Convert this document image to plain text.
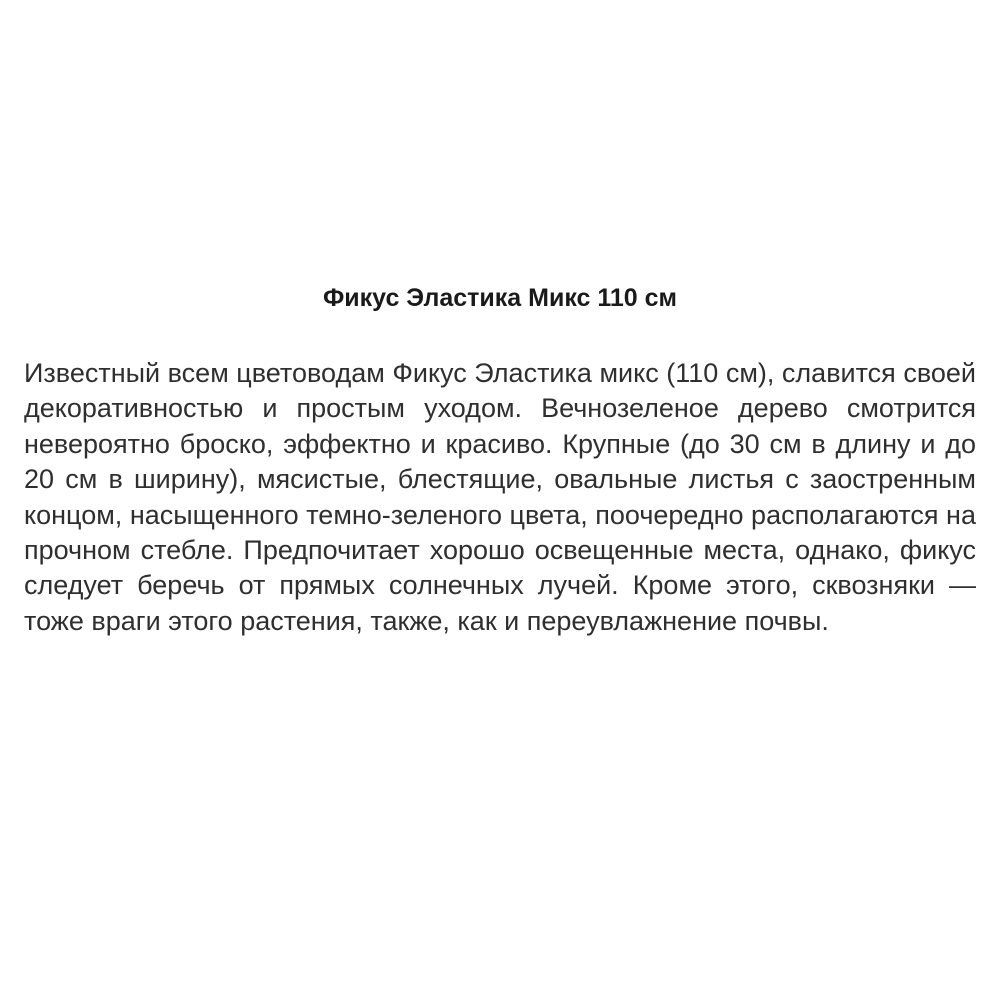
Фикус Эластика Микс 110 см

Известный всем цветоводам Фикус Эластика микс (110 см), славится своей декоративностью и простым уходом. Вечнозеленое дерево смотрится невероятно броско, эффектно и красиво. Крупные (до 30 см в длину и до 20 см в ширину), мясистые, блестящие, овальные листья с заостренным концом, насыщенного темно-зеленого цвета, поочередно располагаются на прочном стебле. Предпочитает хорошо освещенные места, однако, фикус следует беречь от прямых солнечных лучей. Кроме этого, сквозняки — тоже враги этого растения, также, как и переувлажнение почвы.
